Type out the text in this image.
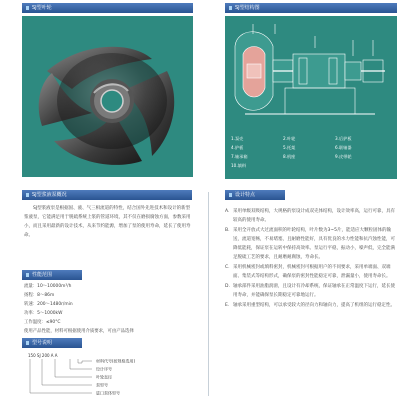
SJ型叶轮	SJ型结构图
1.泵壳	2.叶轮	3.后护板 4.护板	5.托架	6.联轴器 7.轴承箱	8.机座	9.皮带轮 10.填料
SJ型浆液泵概况

SJ型浆液泵是根据固、液、气三相流道的特性，结合国外先进技术和设计的新型浆液泵，它能满足用于脱硫系统上浆的管道环境，其不仅在磨损腐蚀方面，参数采用小，而且采用最新的设计技术，从来节约能源，增加了泵的使用寿命，延长了使用寿命。

性能范围
流量：10～10000m³/h
扬程：8～86m
转速：200～1480r/min
功率：5～1000kW
工作温度：≤90°C
使用产品性能，材料可根据使用介质要求，可由产品选择
型号说明
150 SJ 200 A A
材料代号(按规格选用)
设计序号
叶轮直径
泵型号
进口泵体型号
设计特点
A. 采用单级双吸结构，大规格的泵设计成双壳体结构，设计效率高，运行可靠，具有较高的使用寿命。
B. 采用全开放式大过流面积的叶轮结构，叶片数为3~5片，能适应大颗粒固体的输送，流道宽畅，不易堵塞，且耐磨性能好，具有优良的水力性能和抗汽蚀性能，可降低能耗，保证泵在运转中保持高效率。泵运行平稳，振动小，噪声低，完全能满足脱硫工艺的要求，且耐磨耐腐蚀，寿命长。
C. 采用机械密封或填料密封，机械密封可根据用户的不同要求，采用单端面、双端面、集装式等结构形式，确保泵的密封性能稳定可靠，泄漏量小，使用寿命长。
D. 轴承部件采用油脂润滑，且设计有冷却系统，保证轴承在正常温度下运行，延长使用寿命，并能确保泵长期稳定可靠地运行。
E. 轴承采用重型结构，可以承受较大的径向力和轴向力，提高了机组的运行稳定性。
